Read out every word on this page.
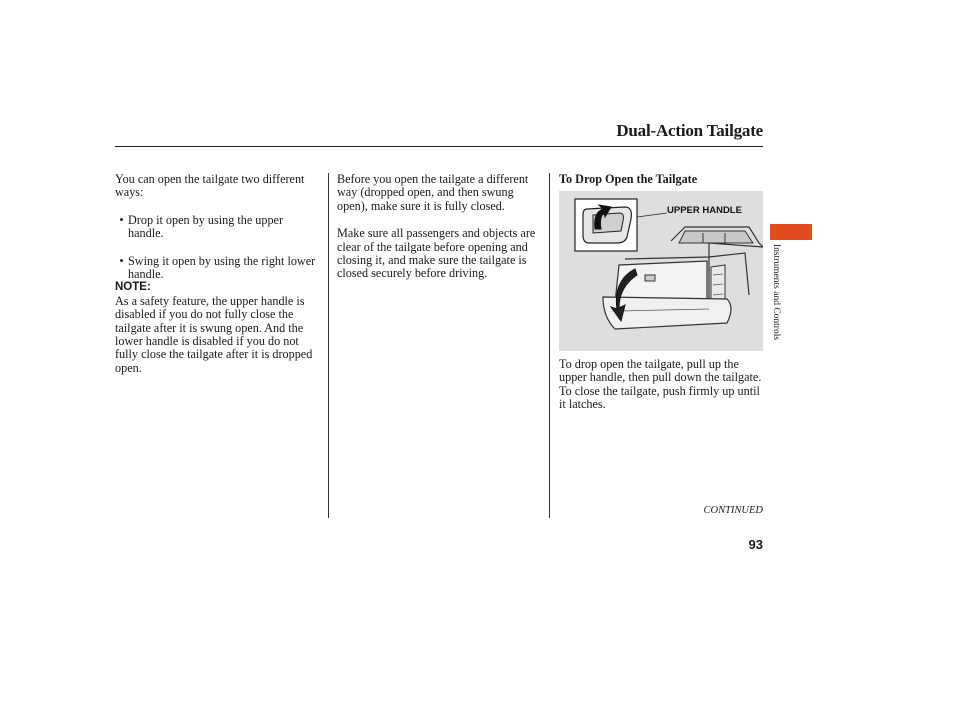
Dual-Action Tailgate

You can open the tailgate two different ways:

• Drop it open by using the upper handle.
• Swing it open by using the right lower handle.

NOTE:

As a safety feature, the upper handle is disabled if you do not fully close the tailgate after it is swung open. And the lower handle is disabled if you do not fully close the tailgate after it is dropped open.

Before you open the tailgate a different way (dropped open, and then swung open), make sure it is fully closed.

Make sure all passengers and objects are clear of the tailgate before opening and closing it, and make sure the tailgate is closed securely before driving.

To Drop Open the Tailgate

UPPER HANDLE

To drop open the tailgate, pull up the upper handle, then pull down the tailgate. To close the tailgate, push firmly up until it latches.

CONTINUED

93

Instruments and Controls
